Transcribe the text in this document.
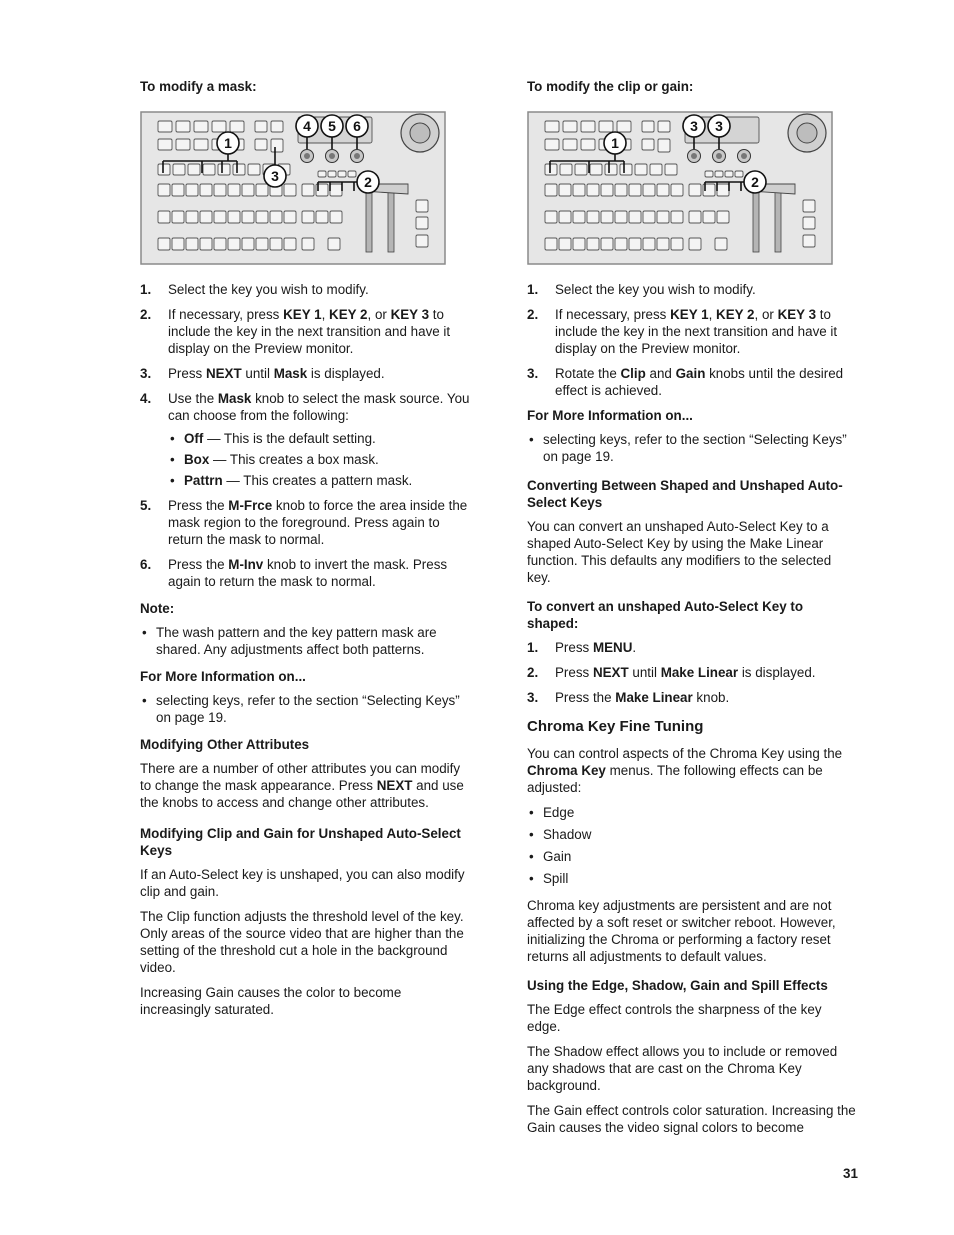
To modify a mask:
1
2
3
4 5 6
1. Select the key you wish to modify.
2. If necessary, press KEY 1, KEY 2, or KEY 3 to include the key in the next transition and have it display on the Preview monitor.
3. Press NEXT until Mask is displayed.
4. Use the Mask knob to select the mask source. You can choose from the following:
• Off — This is the default setting.
• Box — This creates a box mask.
• Pattrn — This creates a pattern mask.
5. Press the M-Frce knob to force the area inside the mask region to the foreground. Press again to return the mask to normal.
6. Press the M-Inv knob to invert the mask. Press again to return the mask to normal.
Note:
• The wash pattern and the key pattern mask are shared. Any adjustments affect both patterns.
For More Information on...
• selecting keys, refer to the section “Selecting Keys” on page 19.
Modifying Other Attributes

There are a number of other attributes you can modify to change the mask appearance. Press NEXT and use the knobs to access and change other attributes.

Modifying Clip and Gain for Unshaped Auto-Select Keys

If an Auto-Select key is unshaped, you can also modify clip and gain.

The Clip function adjusts the threshold level of the key. Only areas of the source video that are higher than the setting of the threshold cut a hole in the background video.

Increasing Gain causes the color to become increasingly saturated.

To modify the clip or gain:
1
2
3 3
1. Select the key you wish to modify.
2. If necessary, press KEY 1, KEY 2, or KEY 3 to include the key in the next transition and have it display on the Preview monitor.
3. Rotate the Clip and Gain knobs until the desired effect is achieved.
For More Information on...
• selecting keys, refer to the section “Selecting Keys” on page 19.
Converting Between Shaped and Unshaped Auto-Select Keys

You can convert an unshaped Auto-Select Key to a shaped Auto-Select Key by using the Make Linear function. This defaults any modifiers to the selected key.

To convert an unshaped Auto-Select Key to shaped:
1. Press MENU.
2. Press NEXT until Make Linear is displayed.
3. Press the Make Linear knob.
Chroma Key Fine Tuning

You can control aspects of the Chroma Key using the Chroma Key menus. The following effects can be adjusted:

• Edge
• Shadow
• Gain
• Spill

Chroma key adjustments are persistent and are not affected by a soft reset or switcher reboot. However, initializing the Chroma or performing a factory reset returns all adjustments to default values.

Using the Edge, Shadow, Gain and Spill Effects

The Edge effect controls the sharpness of the key edge.

The Shadow effect allows you to include or removed any shadows that are cast on the Chroma Key background.

The Gain effect controls color saturation. Increasing the Gain causes the video signal colors to become

31
